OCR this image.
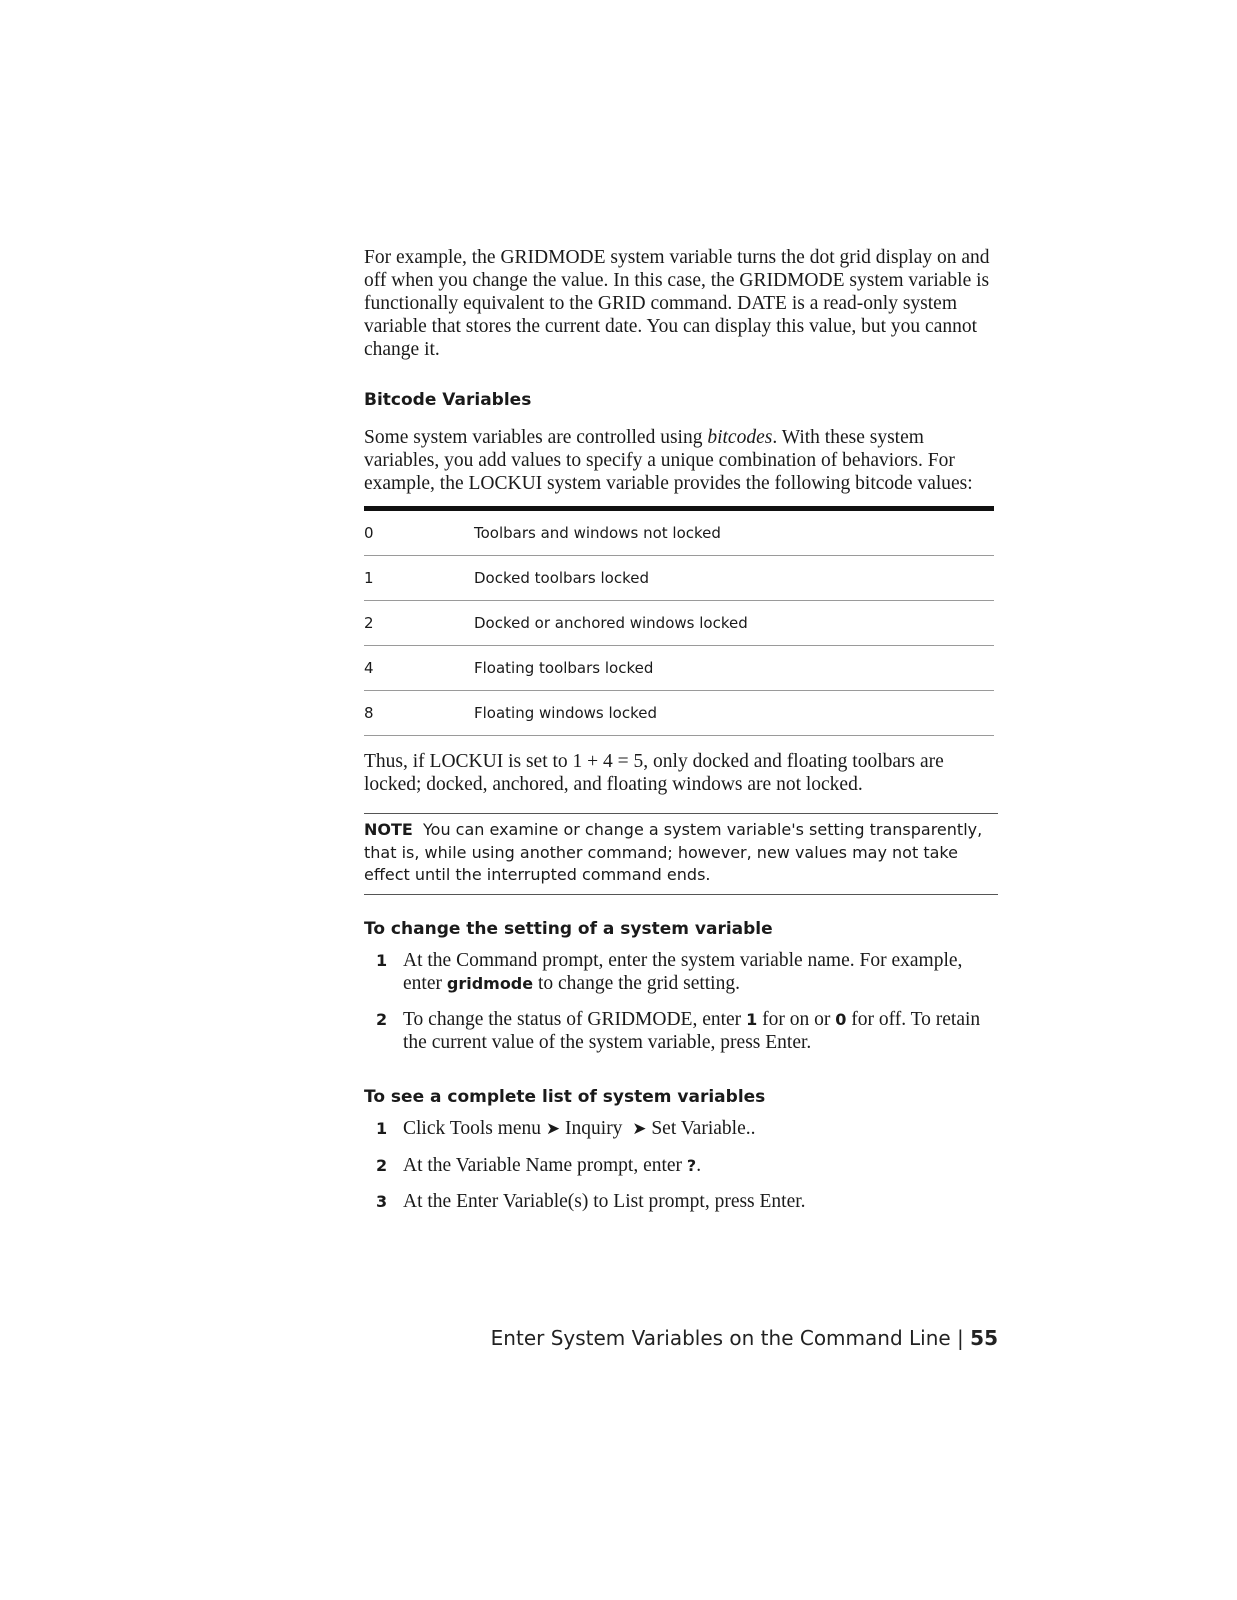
For example, the GRIDMODE system variable turns the dot grid display on and off when you change the value. In this case, the GRIDMODE system variable is functionally equivalent to the GRID command. DATE is a read-only system variable that stores the current date. You can display this value, but you cannot change it.

Bitcode Variables

Some system variables are controlled using bitcodes. With these system variables, you add values to specify a unique combination of behaviors. For example, the LOCKUI system variable provides the following bitcode values:

0	Toolbars and windows not locked
1	Docked toolbars locked
2	Docked or anchored windows locked
4	Floating toolbars locked
8	Floating windows locked

Thus, if LOCKUI is set to 1 + 4 = 5, only docked and floating toolbars are locked; docked, anchored, and floating windows are not locked.

NOTE You can examine or change a system variable's setting transparently, that is, while using another command; however, new values may not take effect until the interrupted command ends.
To change the setting of a system variable
1 At the Command prompt, enter the system variable name. For example, enter gridmode to change the grid setting.
2 To change the status of GRIDMODE, enter 1 for on or 0 for off. To retain the current value of the system variable, press Enter.
To see a complete list of system variables
1 Click Tools menu ➤ Inquiry ➤ Set Variable..
2 At the Variable Name prompt, enter ?.
3 At the Enter Variable(s) to List prompt, press Enter.
Enter System Variables on the Command Line | 55
